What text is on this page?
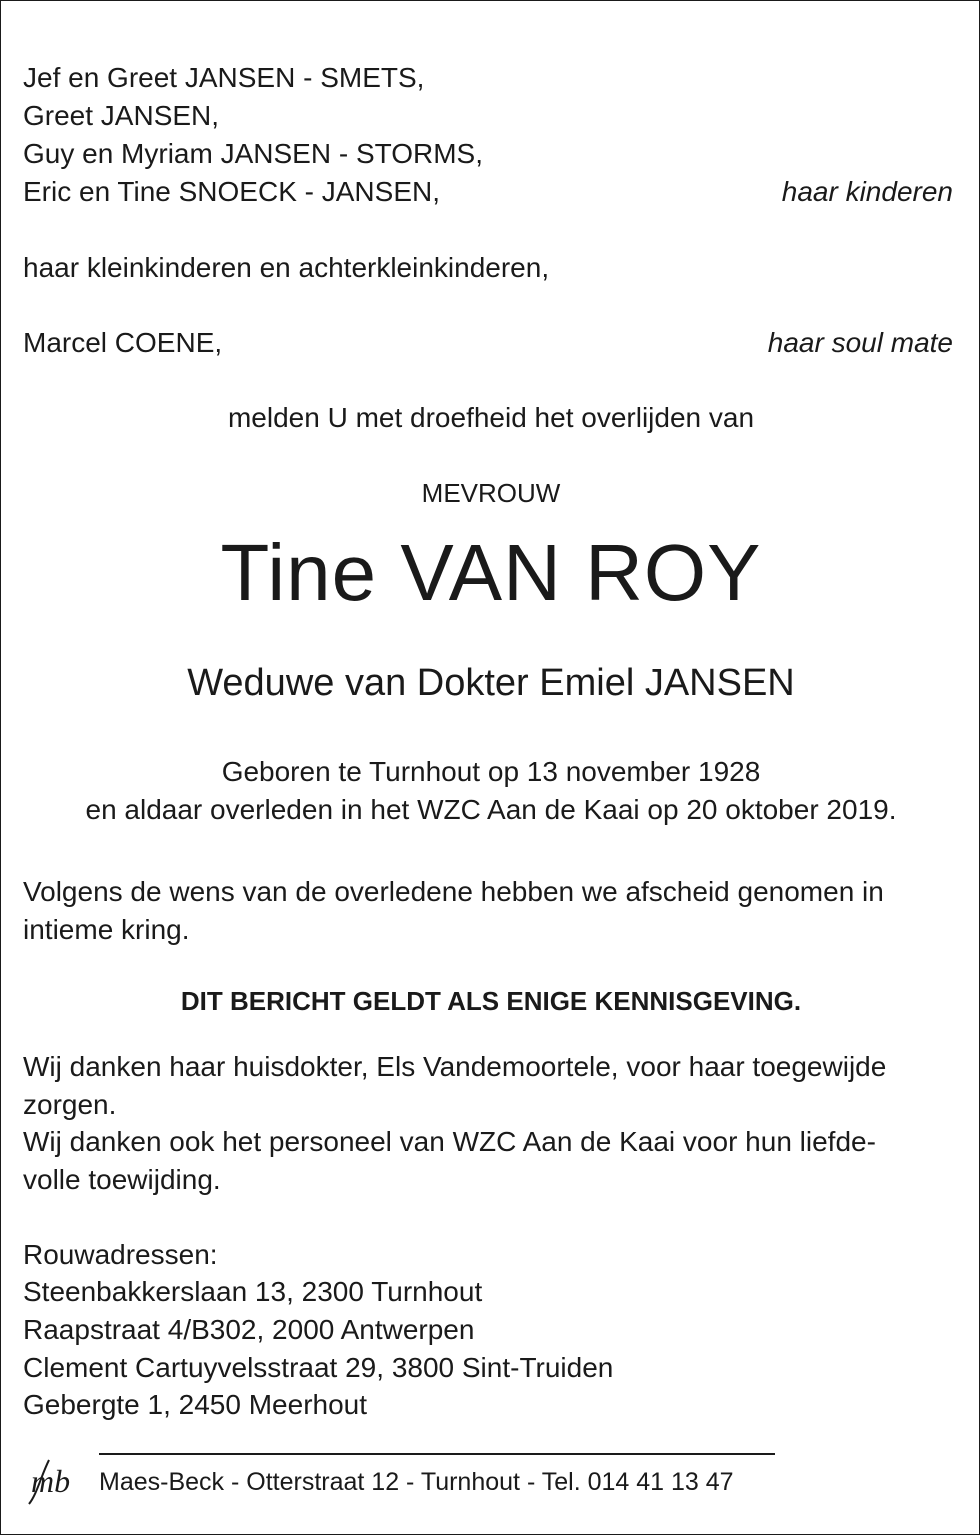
Jef en Greet JANSEN - SMETS,

Greet JANSEN,

Guy en Myriam JANSEN - STORMS,

Eric en Tine SNOECK - JANSEN,	haar kinderen

haar kleinkinderen en achterkleinkinderen,

Marcel COENE,	haar soul mate

melden U met droefheid het overlijden van

MEVROUW

Tine VAN ROY

Weduwe van Dokter Emiel JANSEN

Geboren te Turnhout op 13 november 1928

en aldaar overleden in het WZC Aan de Kaai op 20 oktober 2019.

Volgens de wens van de overledene hebben we afscheid genomen in

intieme kring.

DIT BERICHT GELDT ALS ENIGE KENNISGEVING.

Wij danken haar huisdokter, Els Vandemoortele, voor haar toegewijde

zorgen.

Wij danken ook het personeel van WZC Aan de Kaai voor hun liefde-

volle toewijding.

Rouwadressen:

Steenbakkerslaan 13, 2300 Turnhout

Raapstraat 4/B302, 2000 Antwerpen

Clement Cartuyvelsstraat 29, 3800 Sint-Truiden

Gebergte 1, 2450 Meerhout

mb Maes-Beck - Otterstraat 12 - Turnhout - Tel. 014 41 13 47
